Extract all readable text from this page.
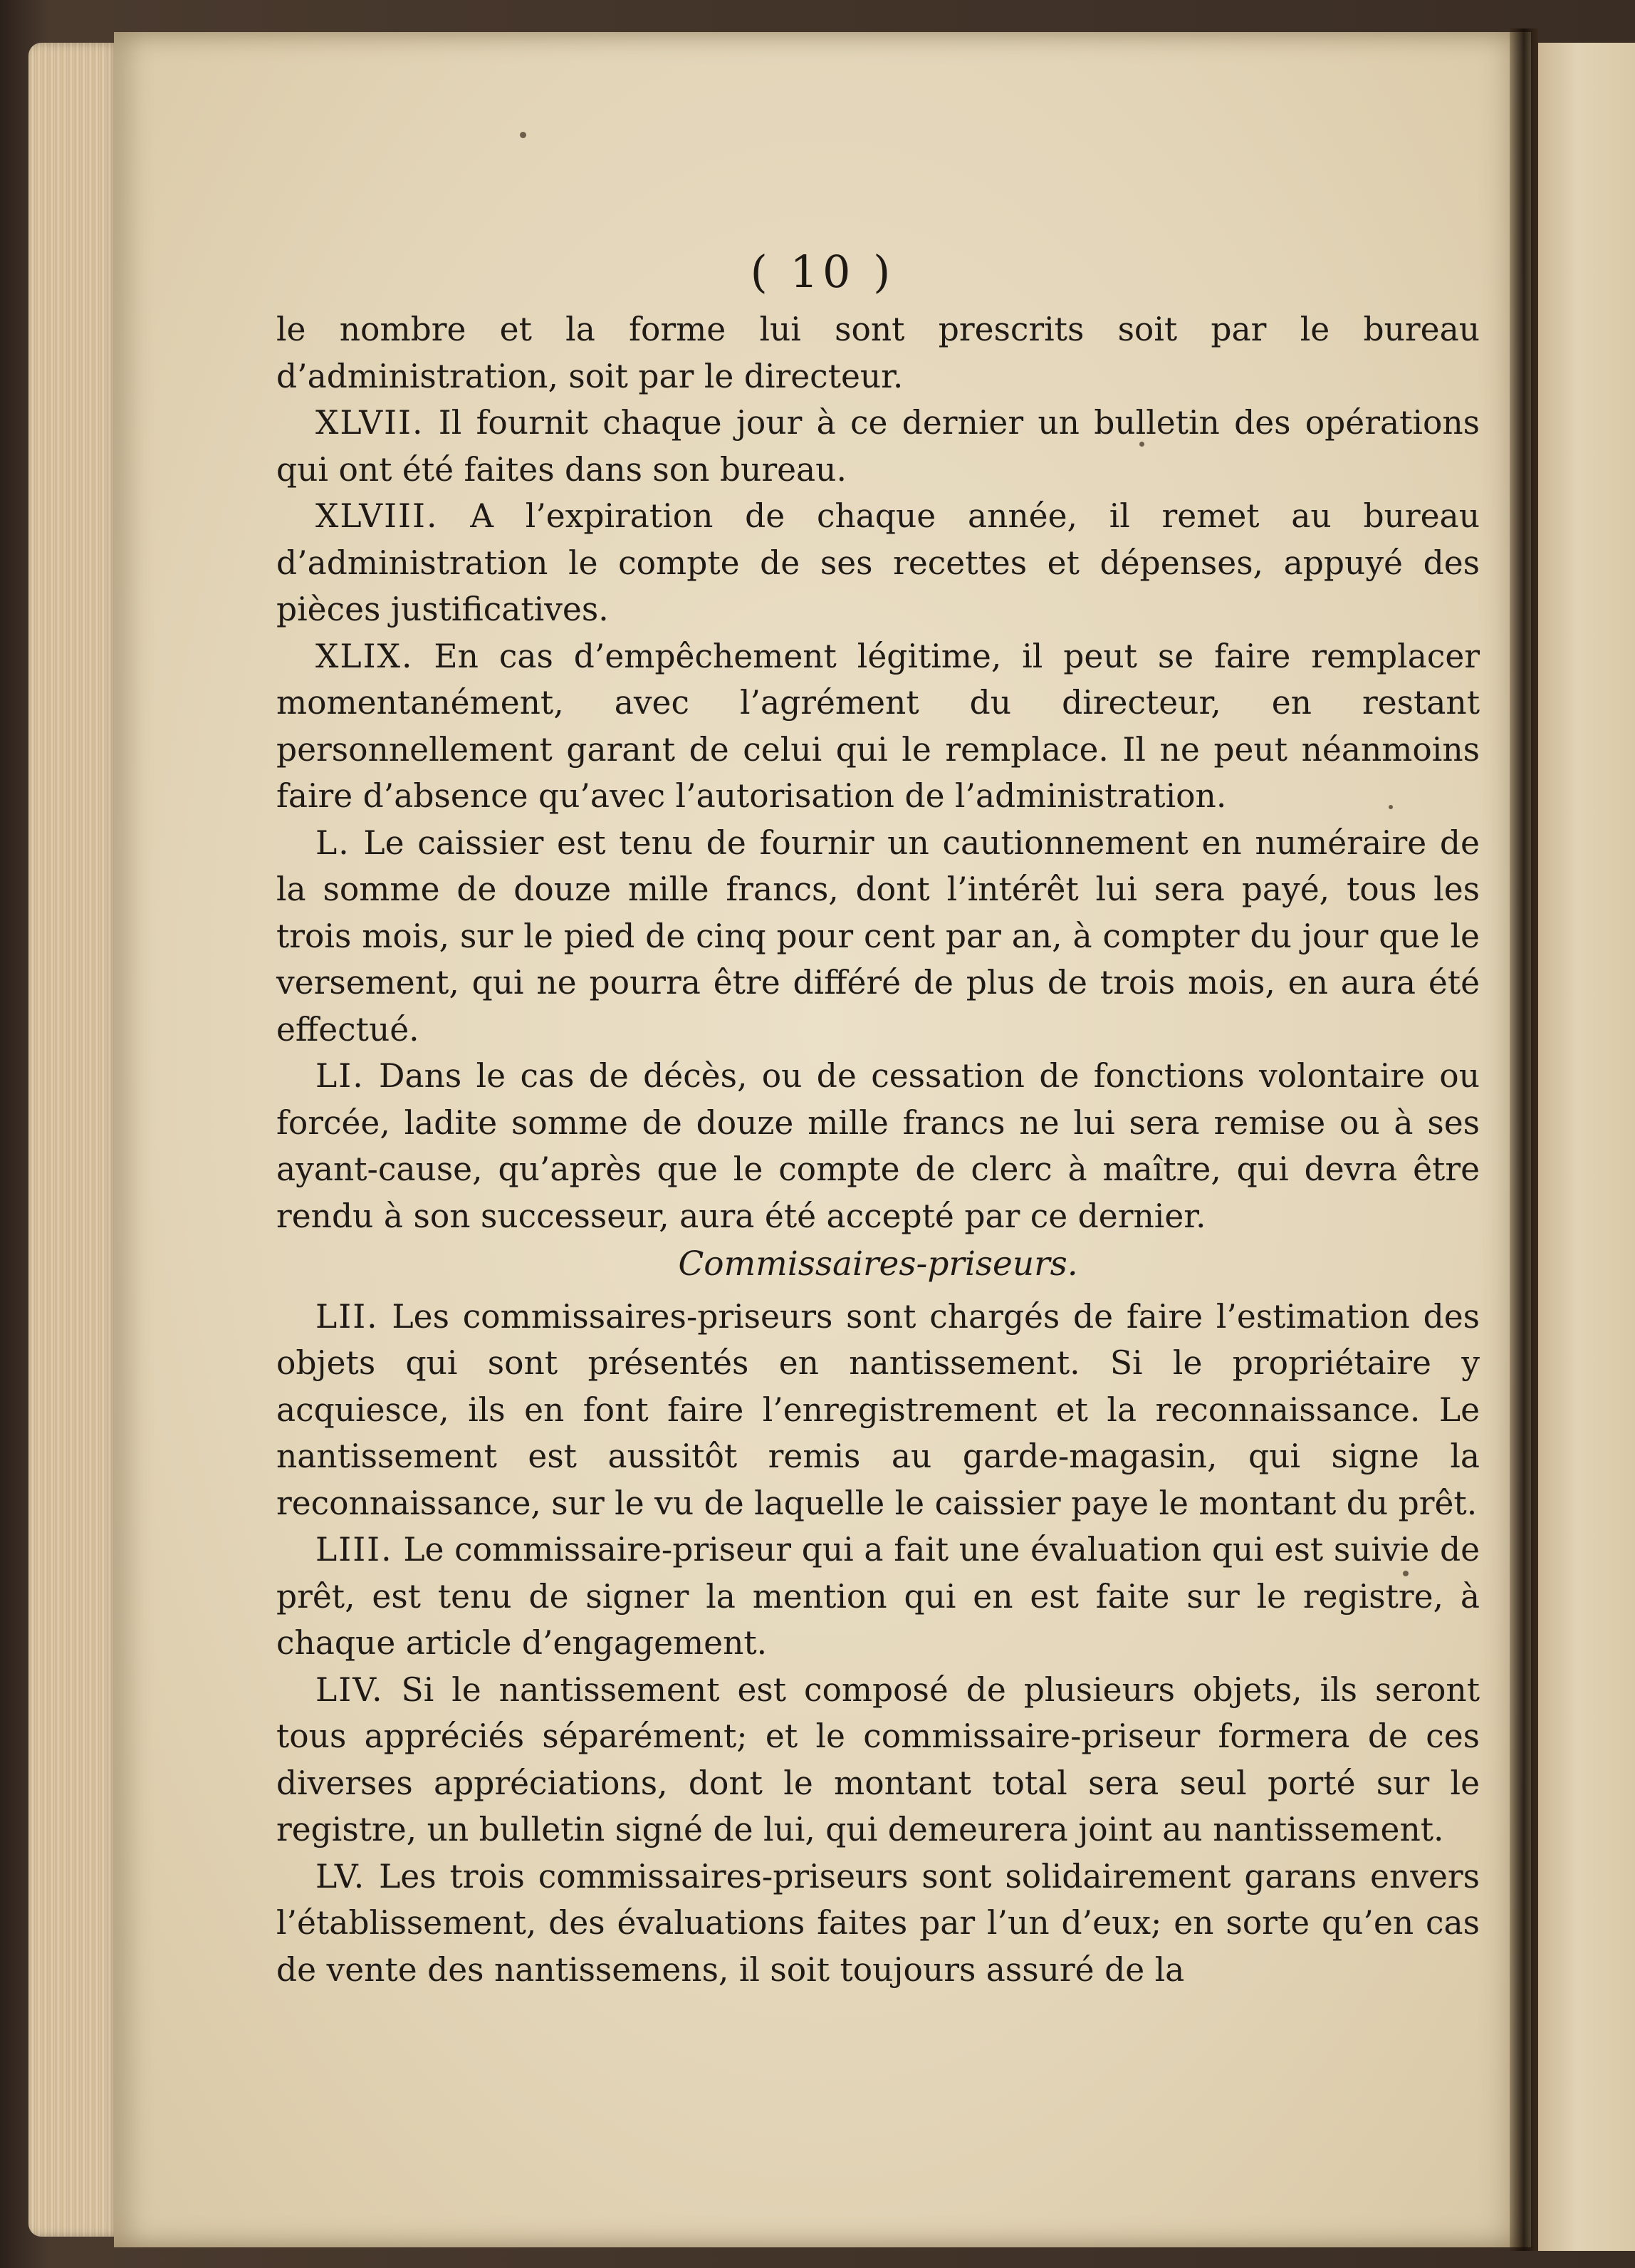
( 10 )

le nombre et la forme lui sont prescrits soit par le bureau d’administration, soit par le directeur.

XLVII. Il fournit chaque jour à ce dernier un bulletin des opérations qui ont été faites dans son bureau.

XLVIII. A l’expiration de chaque année, il remet au bureau d’administration le compte de ses recettes et dépenses, appuyé des pièces justificatives.

XLIX. En cas d’empêchement légitime, il peut se faire remplacer momentanément, avec l’agrément du directeur, en restant personnellement garant de celui qui le remplace. Il ne peut néanmoins faire d’absence qu’avec l’autorisation de l’administration.

L. Le caissier est tenu de fournir un cautionnement en numéraire de la somme de douze mille francs, dont l’intérêt lui sera payé, tous les trois mois, sur le pied de cinq pour cent par an, à compter du jour que le versement, qui ne pourra être différé de plus de trois mois, en aura été effectué.

LI. Dans le cas de décès, ou de cessation de fonctions volontaire ou forcée, ladite somme de douze mille francs ne lui sera remise ou à ses ayant-cause, qu’après que le compte de clerc à maître, qui devra être rendu à son successeur, aura été accepté par ce dernier.

Commissaires-priseurs.

LII. Les commissaires-priseurs sont chargés de faire l’estimation des objets qui sont présentés en nantissement. Si le propriétaire y acquiesce, ils en font faire l’enregistrement et la reconnaissance. Le nantissement est aussitôt remis au garde-magasin, qui signe la reconnaissance, sur le vu de laquelle le caissier paye le montant du prêt.

LIII. Le commissaire-priseur qui a fait une évaluation qui est suivie de prêt, est tenu de signer la mention qui en est faite sur le registre, à chaque article d’engagement.

LIV. Si le nantissement est composé de plusieurs objets, ils seront tous appréciés séparément; et le commissaire-priseur formera de ces diverses appréciations, dont le montant total sera seul porté sur le registre, un bulletin signé de lui, qui demeurera joint au nantissement.

LV. Les trois commissaires-priseurs sont solidairement garans envers l’établissement, des évaluations faites par l’un d’eux; en sorte qu’en cas de vente des nantissemens, il soit toujours assuré de la
